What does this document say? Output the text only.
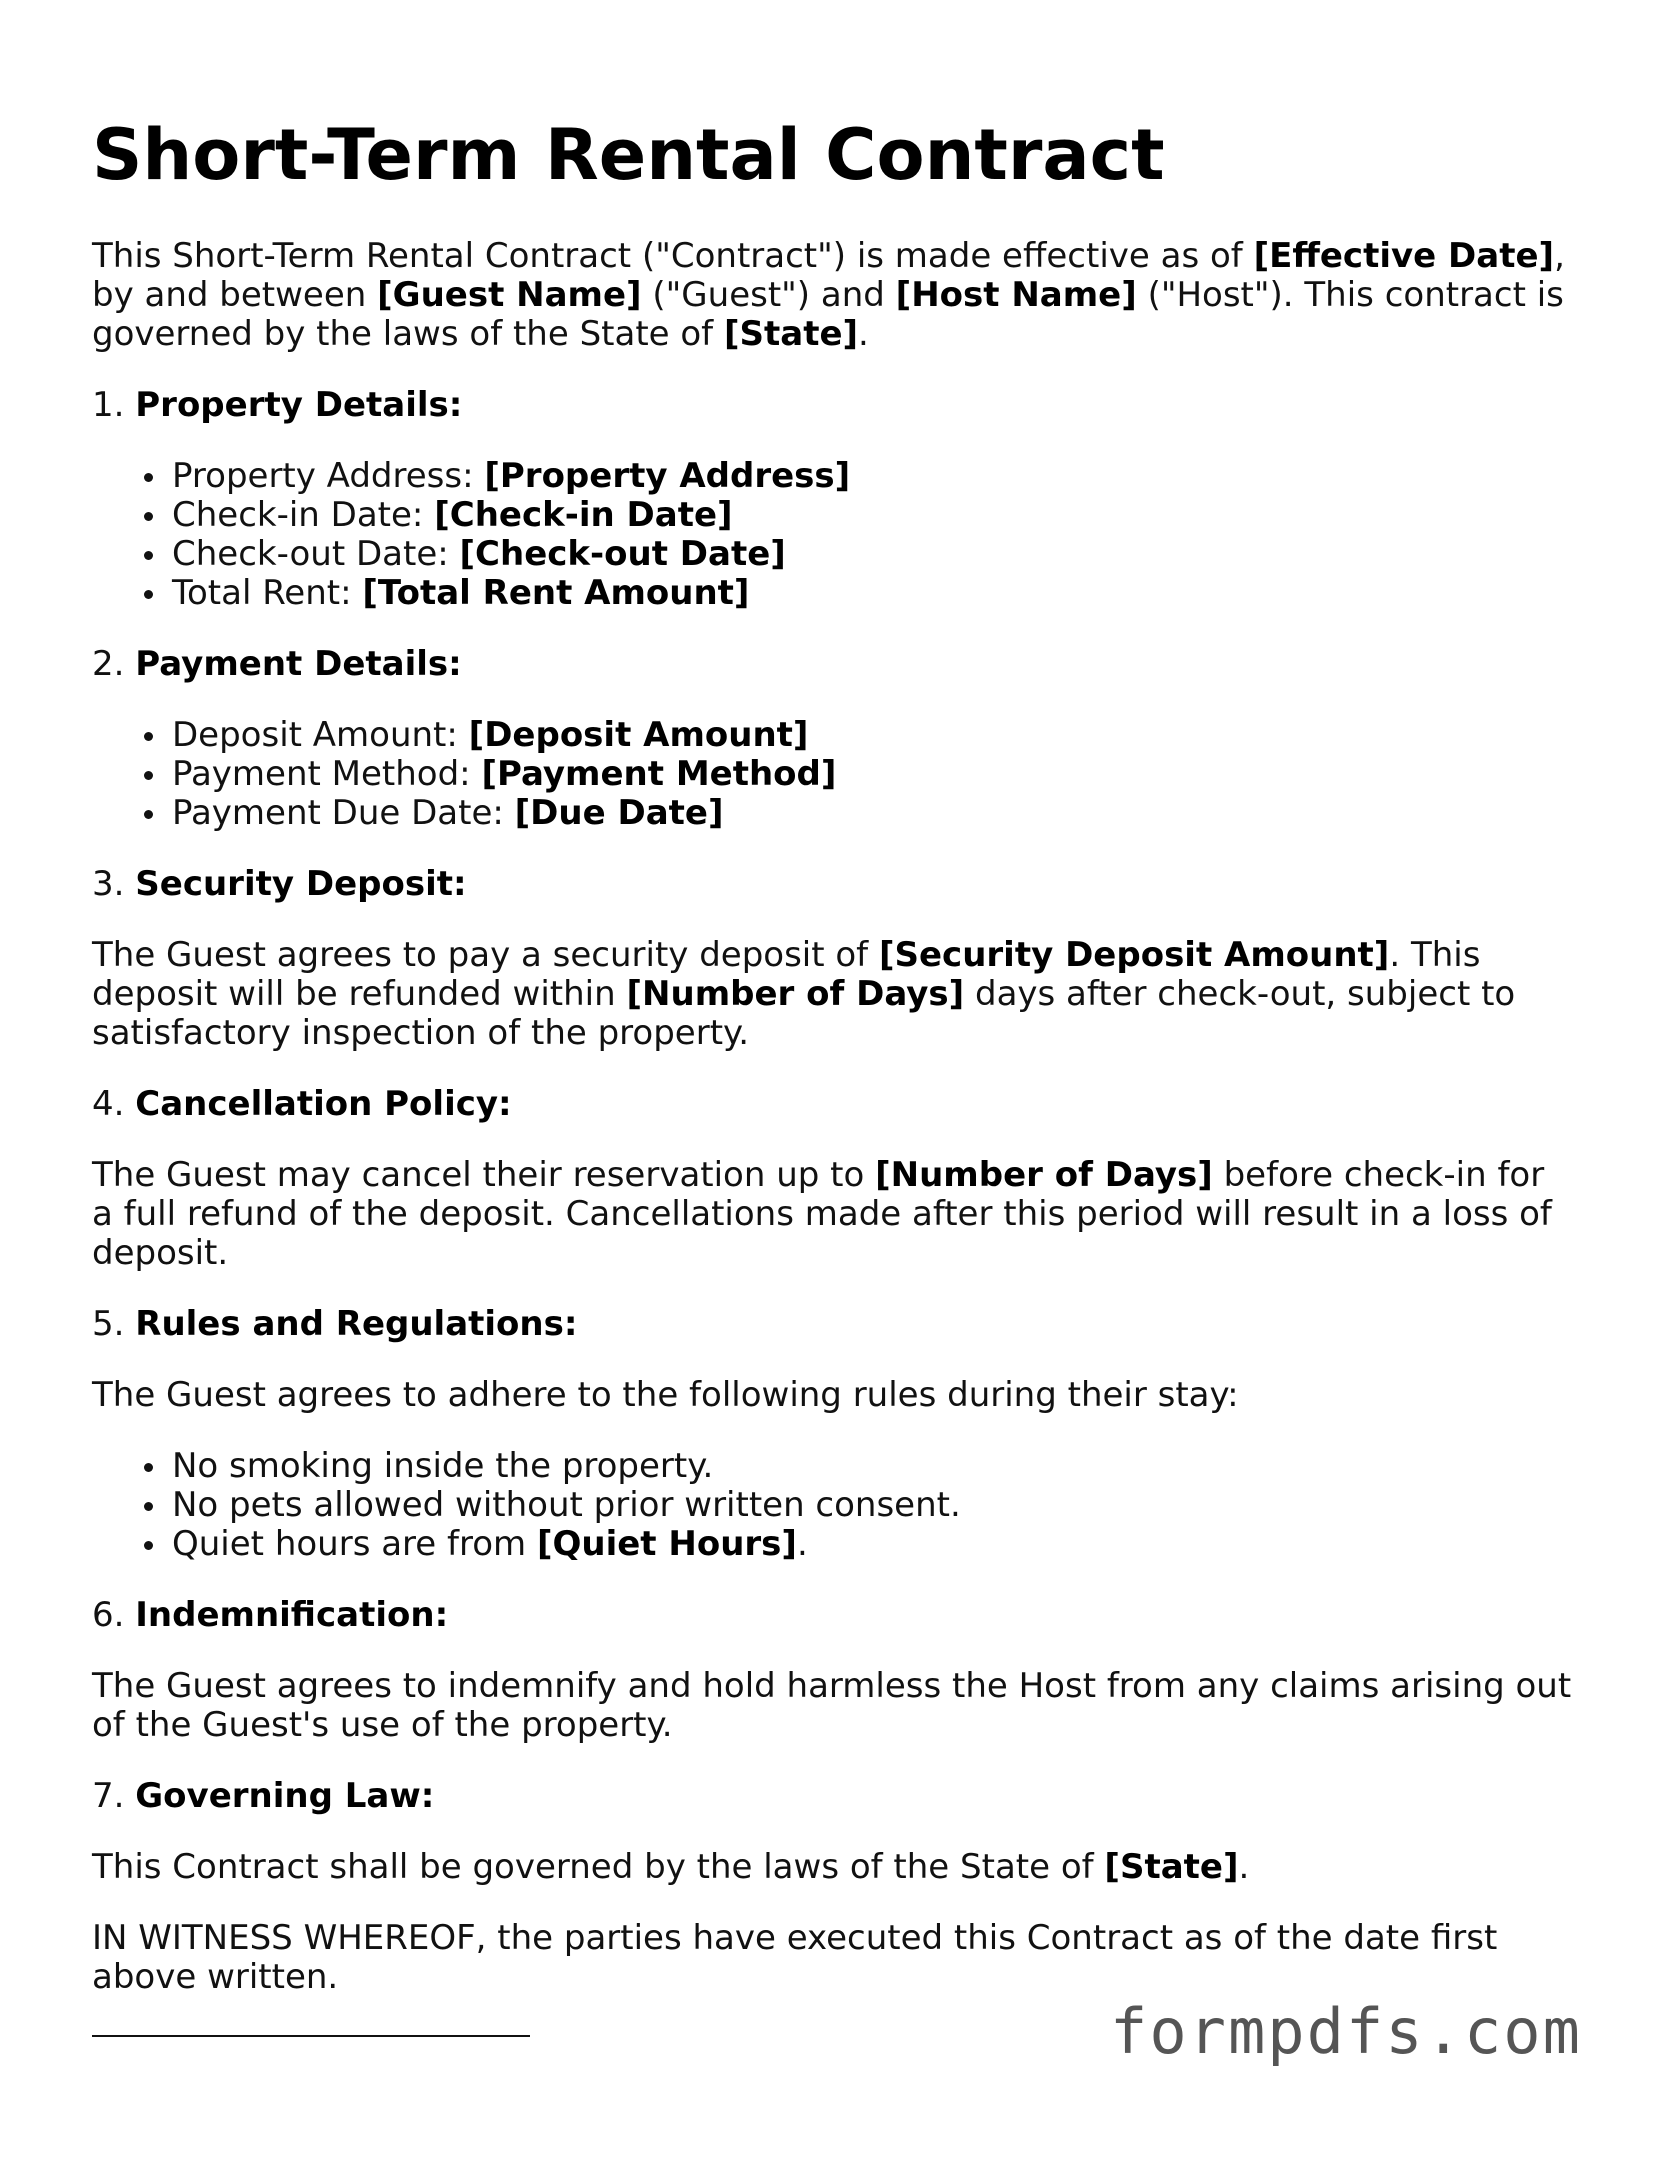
Short-Term Rental Contract

This Short-Term Rental Contract ("Contract") is made effective as of [Effective Date], by and between [Guest Name] ("Guest") and [Host Name] ("Host"). This contract is governed by the laws of the State of [State].

1. Property Details:

Property Address: [Property Address]
Check-in Date: [Check-in Date]
Check-out Date: [Check-out Date]
Total Rent: [Total Rent Amount]

2. Payment Details:

Deposit Amount: [Deposit Amount]
Payment Method: [Payment Method]
Payment Due Date: [Due Date]

3. Security Deposit:

The Guest agrees to pay a security deposit of [Security Deposit Amount]. This deposit will be refunded within [Number of Days] days after check-out, subject to satisfactory inspection of the property.

4. Cancellation Policy:

The Guest may cancel their reservation up to [Number of Days] before check-in for a full refund of the deposit. Cancellations made after this period will result in a loss of deposit.

5. Rules and Regulations:

The Guest agrees to adhere to the following rules during their stay:

No smoking inside the property.
No pets allowed without prior written consent.
Quiet hours are from [Quiet Hours].

6. Indemnification:

The Guest agrees to indemnify and hold harmless the Host from any claims arising out of the Guest's use of the property.

7. Governing Law:

This Contract shall be governed by the laws of the State of [State].

IN WITNESS WHEREOF, the parties have executed this Contract as of the date first above written.

formpdfs.com
